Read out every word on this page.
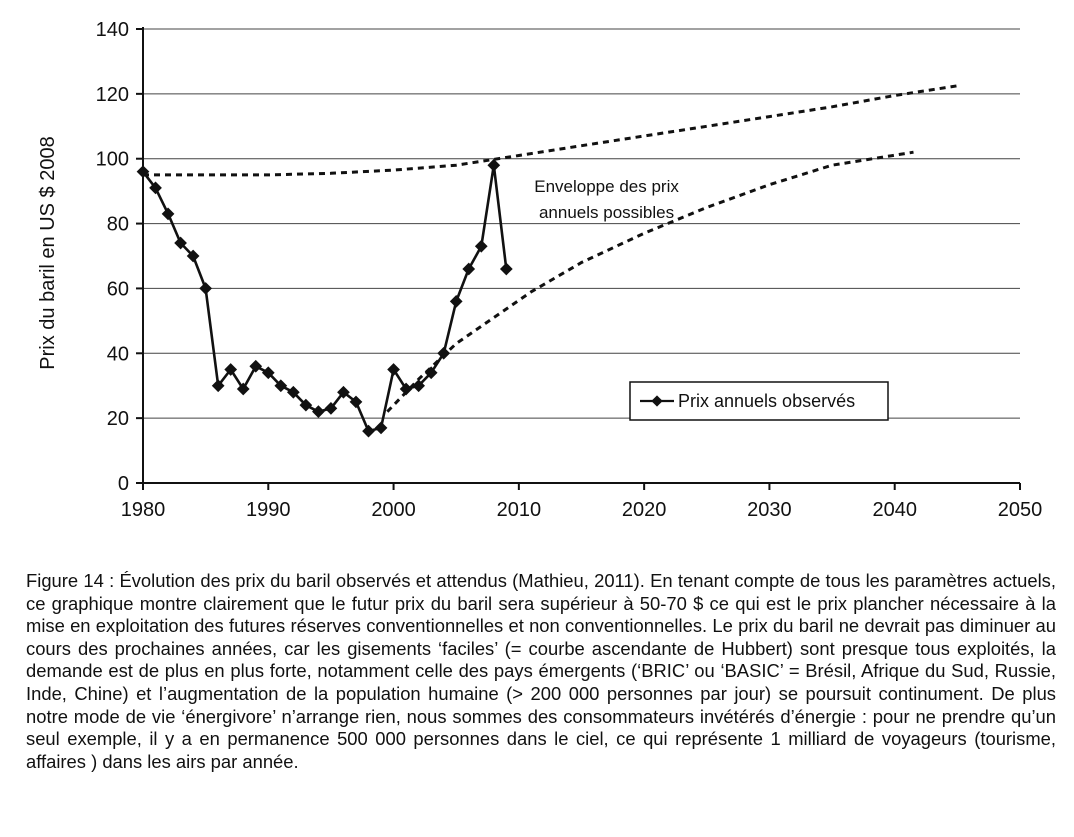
0
20
40
60
80
100
120
140
1980	1990	2000	2010	2020	2030	2040	2050
Prix du baril en US $ 2008	Enveloppe des prix annuels possibles
Prix annuels observés

Figure 14 : Évolution des prix du baril observés et attendus (Mathieu, 2011). En tenant compte de tous les paramètres actuels, ce graphique montre clairement que le futur prix du baril sera supérieur à 50-70 $ ce qui est le prix plancher nécessaire à la mise en exploitation des futures réserves conventionnelles et non conventionnelles. Le prix du baril ne devrait pas diminuer au cours des prochaines années, car les gisements ‘faciles’ (= courbe ascendante de Hubbert) sont presque tous exploités, la demande est de plus en plus forte, notamment celle des pays émergents (‘BRIC’ ou ‘BASIC’ = Brésil, Afrique du Sud, Russie, Inde, Chine) et l’augmentation de la population humaine (> 200 000 personnes par jour) se poursuit continument. De plus notre mode de vie ‘énergivore’ n’arrange rien, nous sommes des consommateurs invétérés d’énergie : pour ne prendre qu’un seul exemple, il y a en permanence 500 000 personnes dans le ciel, ce qui représente 1 milliard de voyageurs (tourisme, affaires ) dans les airs par année.
